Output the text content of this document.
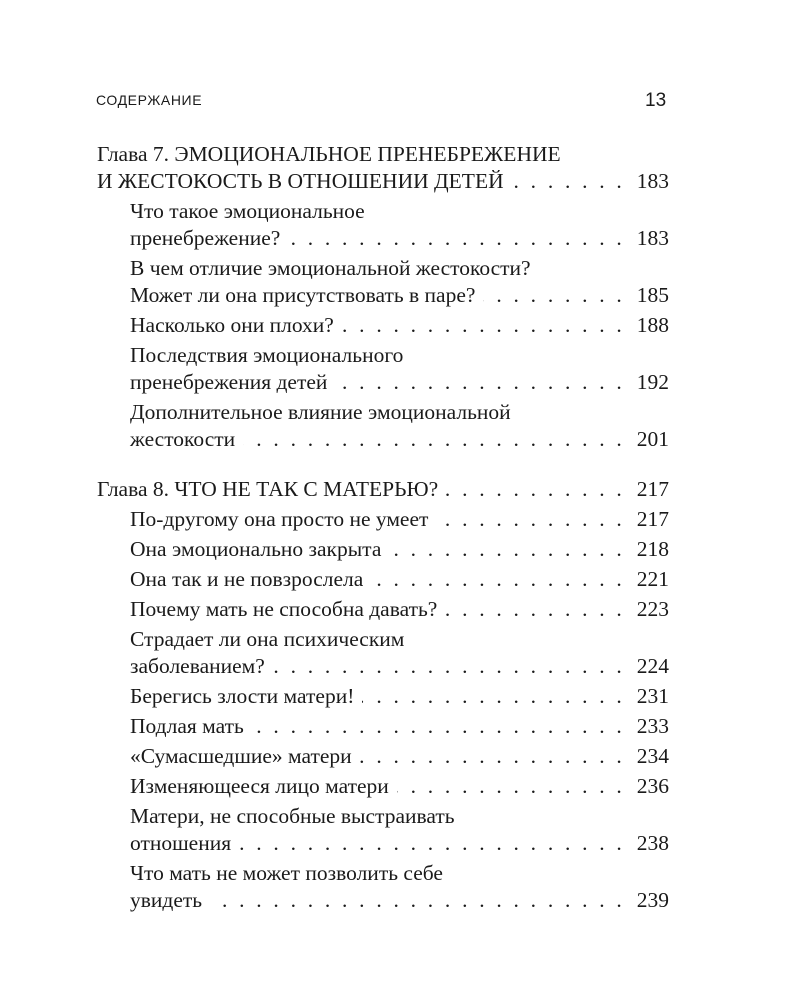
СОДЕРЖАНИЕ	13
Глава 7. ЭМОЦИОНАЛЬНОЕ ПРЕНЕБРЕЖЕНИЕ
И ЖЕСТОКОСТЬ В ОТНОШЕНИИ ДЕТЕЙ . . .	183
Что такое эмоциональное
пренебрежение? . . .	183
В чем отличие эмоциональной жестокости?
Может ли она присутствовать в паре? . . .	185
Насколько они плохи? . . .	188
Последствия эмоционального
пренебрежения детей . . .	192
Дополнительное влияние эмоциональной
жестокости . . .	201
Глава 8. ЧТО НЕ ТАК С МАТЕРЬЮ? . . .	217
По-другому она просто не умеет . . .	217
Она эмоционально закрыта . . .	218
Она так и не повзрослела . . .	221
Почему мать не способна давать? . . .	223
Страдает ли она психическим
заболеванием? . . .	224
Берегись злости матери! . . .	231
Подлая мать . . .	233
«Сумасшедшие» матери . . .	234
Изменяющееся лицо матери . . .	236
Матери, не способные выстраивать
отношения . . .	238
Что мать не может позволить себе
увидеть . . .	239
